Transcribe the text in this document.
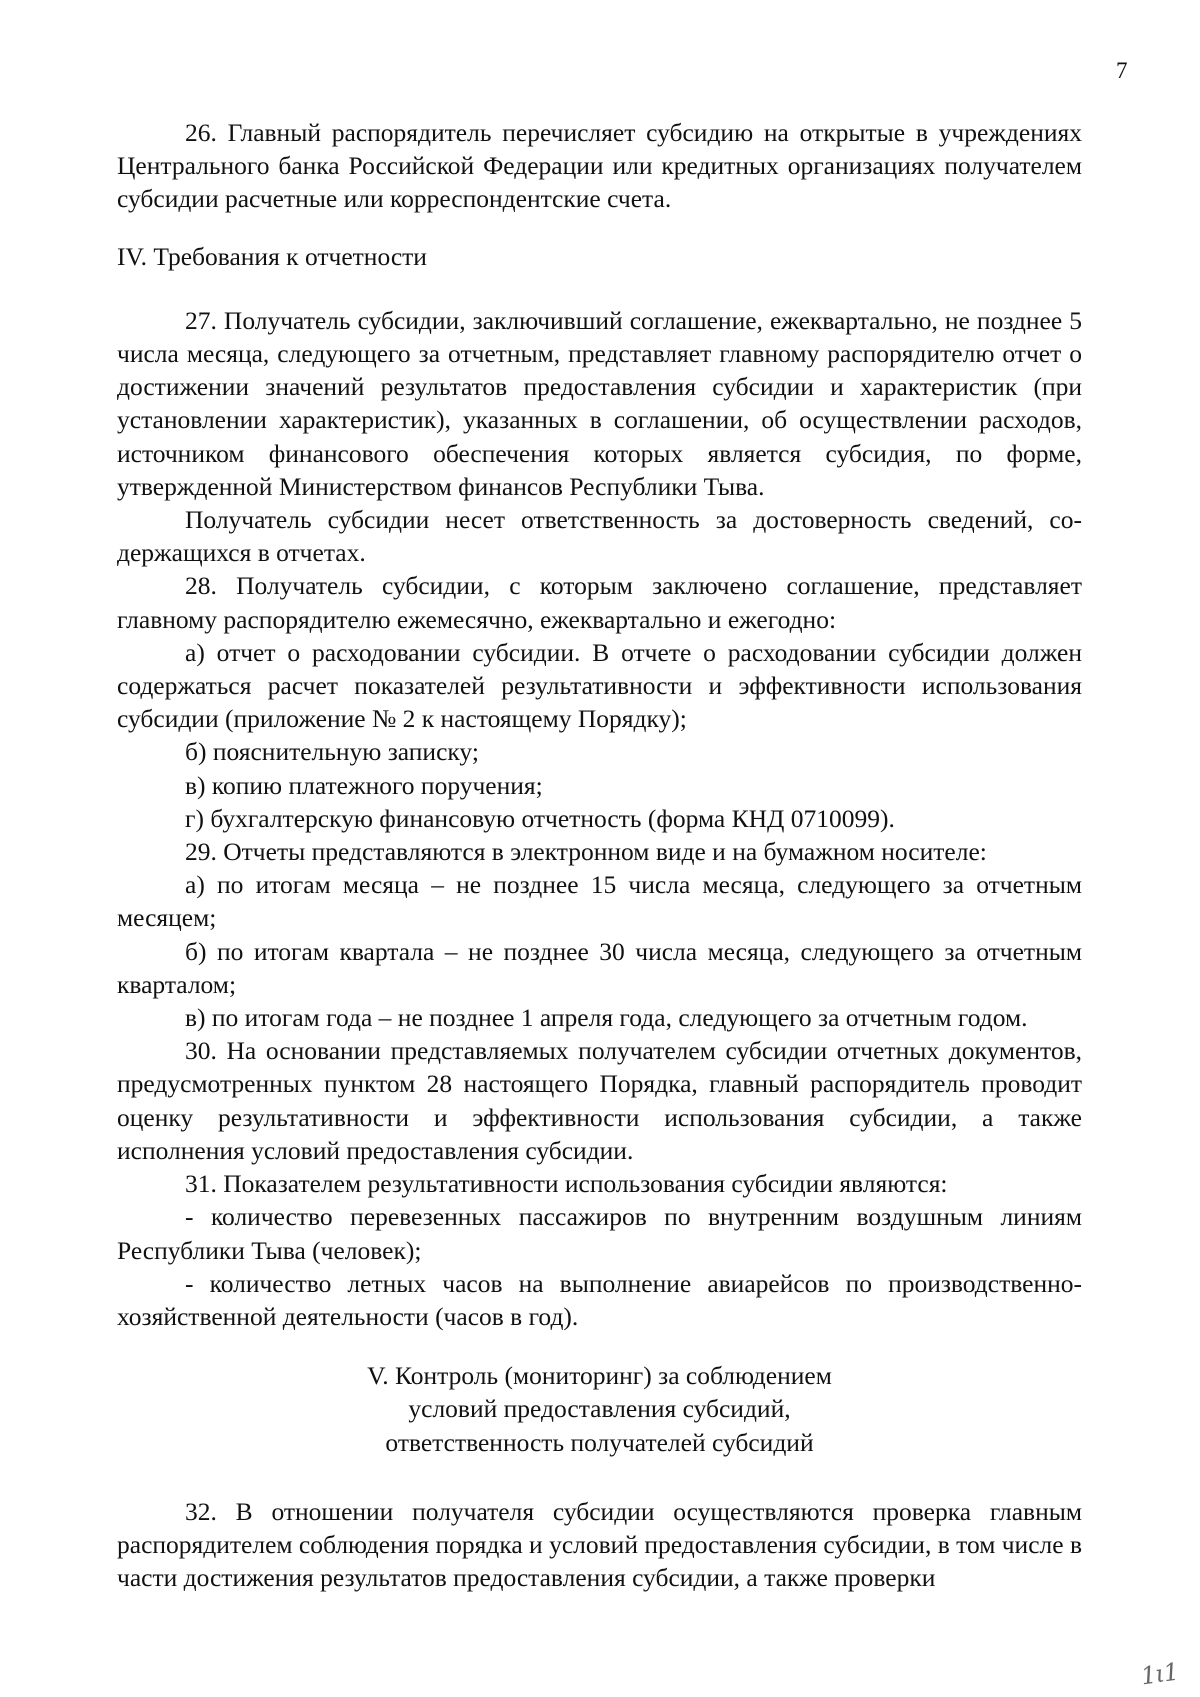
7

26. Главный распорядитель перечисляет субсидию на открытые в учреждениях Центрального банка Российской Федерации или кредитных организациях получателем субсидии расчетные или корреспондентские счета.

IV. Требования к отчетности

27. Получатель субсидии, заключивший соглашение, ежеквартально, не позднее 5 числа месяца, следующего за отчетным, представляет главному распорядителю отчет о достижении значений результатов предоставления субсидии и характеристик (при установлении характеристик), указанных в соглашении, об осуществлении расходов, источником финансового обеспечения которых является субсидия, по форме, утвержденной Министерством финансов Республики Тыва.

Получатель субсидии несет ответственность за достоверность сведений, содержащихся в отчетах.

28. Получатель субсидии, с которым заключено соглашение, представляет главному распорядителю ежемесячно, ежеквартально и ежегодно:

а) отчет о расходовании субсидии. В отчете о расходовании субсидии должен содержаться расчет показателей результативности и эффективности использования субсидии (приложение № 2 к настоящему Порядку);

б) пояснительную записку;

в) копию платежного поручения;

г) бухгалтерскую финансовую отчетность (форма КНД 0710099).

29. Отчеты представляются в электронном виде и на бумажном носителе:

а) по итогам месяца – не позднее 15 числа месяца, следующего за отчетным месяцем;

б) по итогам квартала – не позднее 30 числа месяца, следующего за отчетным кварталом;

в) по итогам года – не позднее 1 апреля года, следующего за отчетным годом.

30. На основании представляемых получателем субсидии отчетных документов, предусмотренных пунктом 28 настоящего Порядка, главный распорядитель проводит оценку результативности и эффективности использования субсидии, а также исполнения условий предоставления субсидии.

31. Показателем результативности использования субсидии являются:

- количество перевезенных пассажиров по внутренним воздушным линиям Республики Тыва (человек);

- количество летных часов на выполнение авиарейсов по производственно-хозяйственной деятельности (часов в год).

V. Контроль (мониторинг) за соблюдением
условий предоставления субсидий,
ответственность получателей субсидий

32. В отношении получателя субсидии осуществляются проверка главным распорядителем соблюдения порядка и условий предоставления субсидии, в том числе в части достижения результатов предоставления субсидии, а также проверки

1ι1
